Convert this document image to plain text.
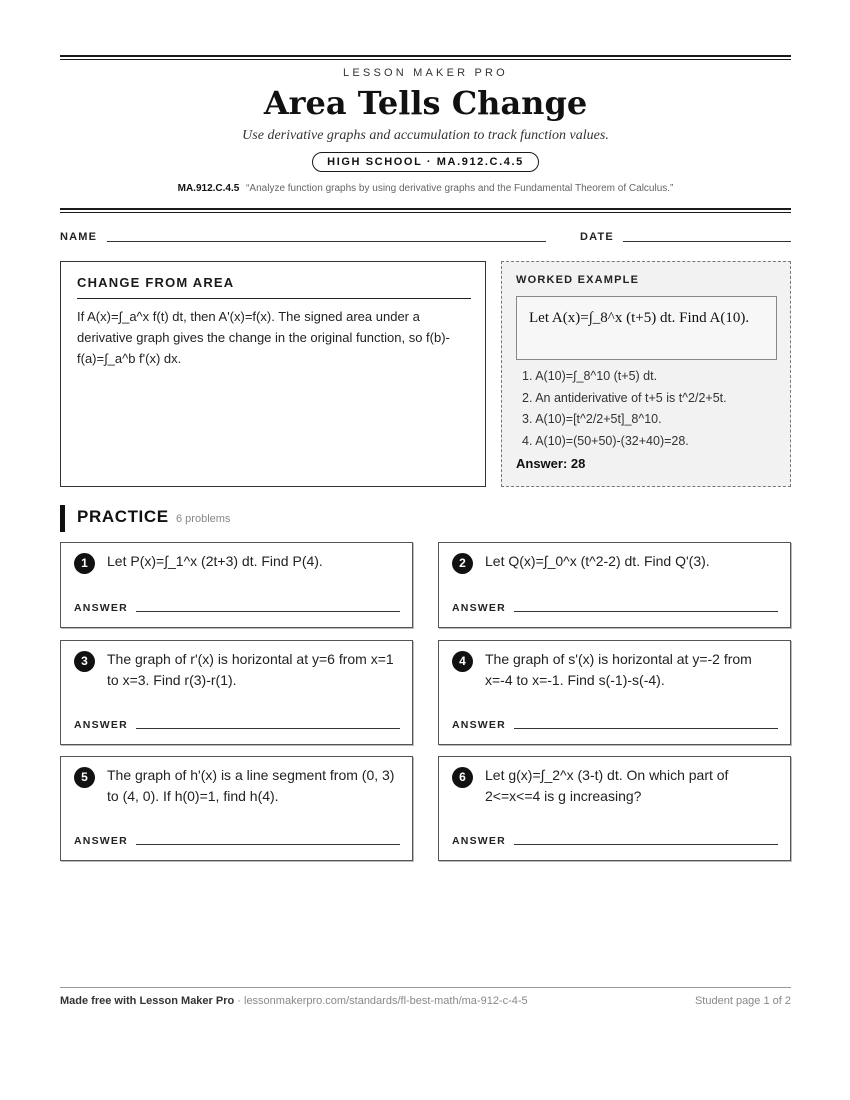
LESSON MAKER PRO
Area Tells Change
Use derivative graphs and accumulation to track function values.
HIGH SCHOOL · MA.912.C.4.5
MA.912.C.4.5 “Analyze function graphs by using derivative graphs and the Fundamental Theorem of Calculus.”
NAME	DATE
CHANGE FROM AREA
If A(x)=∫_a^x f(t) dt, then A'(x)=f(x). The signed area under a derivative graph gives the change in the original function, so f(b)-f(a)=∫_a^b f'(x) dx.
WORKED EXAMPLE
Let A(x)=∫_8^x (t+5) dt. Find A(10).
1. A(10)=∫_8^10 (t+5) dt.
2. An antiderivative of t+5 is t^2/2+5t.
3. A(10)=[t^2/2+5t]_8^10.
4. A(10)=(50+50)-(32+40)=28.
Answer: 28
PRACTICE 6 problems
1	Let P(x)=∫_1^x (2t+3) dt. Find P(4).
ANSWER
2	Let Q(x)=∫_0^x (t^2-2) dt. Find Q'(3).
ANSWER
3	The graph of r'(x) is horizontal at y=6 from x=1 to x=3. Find r(3)-r(1).
ANSWER
4	The graph of s'(x) is horizontal at y=-2 from x=-4 to x=-1. Find s(-1)-s(-4).
ANSWER
5	The graph of h'(x) is a line segment from (0, 3) to (4, 0). If h(0)=1, find h(4).
ANSWER
6	Let g(x)=∫_2^x (3-t) dt. On which part of 2<=x<=4 is g increasing?
ANSWER
Made free with Lesson Maker Pro · lessonmakerpro.com/standards/fl-best-math/ma-912-c-4-5	Student page 1 of 2
